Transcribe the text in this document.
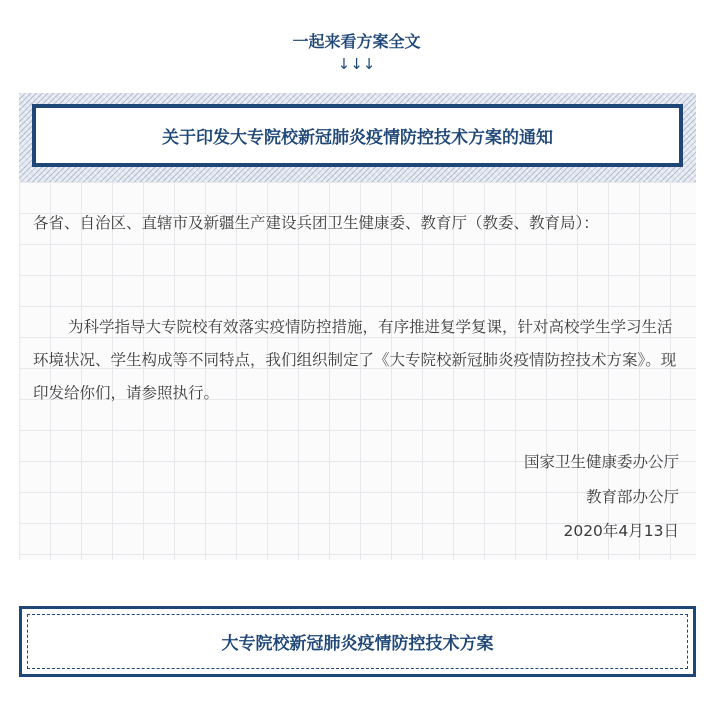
一起来看方案全文
↓↓↓
关于印发大专院校新冠肺炎疫情防控技术方案的通知
各省、自治区、直辖市及新疆生产建设兵团卫生健康委、教育厅（教委、教育局）：
为科学指导大专院校有效落实疫情防控措施，有序推进复学复课，针对高校学生学习生活环境状况、学生构成等不同特点，我们组织制定了《大专院校新冠肺炎疫情防控技术方案》。现印发给你们，请参照执行。
国家卫生健康委办公厅
教育部办公厅
2020年4月13日
大专院校新冠肺炎疫情防控技术方案
